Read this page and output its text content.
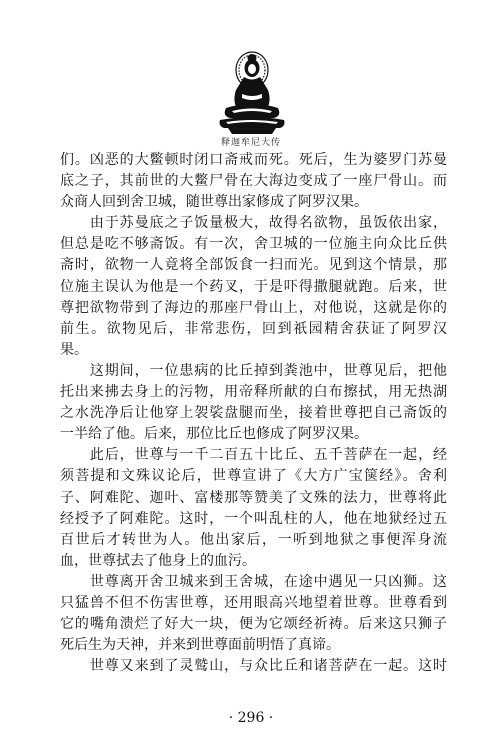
释迦牟尼大传
们。凶恶的大鳖顿时闭口斋戒而死。死后，生为婆罗门苏曼
底之子，其前世的大鳖尸骨在大海边变成了一座尸骨山。而
众商人回到舍卫城，随世尊出家修成了阿罗汉果。
　　由于苏曼底之子饭量极大，故得名欲物，虽饭依出家，
但总是吃不够斋饭。有一次，舍卫城的一位施主向众比丘供
斋时，欲物一人竟将全部饭食一扫而光。见到这个情景，那
位施主误认为他是一个药叉，于是吓得撒腿就跑。后来，世
尊把欲物带到了海边的那座尸骨山上，对他说，这就是你的
前生。欲物见后，非常悲伤，回到祇园精舍获证了阿罗汉
果。
　　这期间，一位患病的比丘掉到粪池中，世尊见后，把他
托出来拂去身上的污物，用帝释所献的白布擦拭，用无热湖
之水洗净后让他穿上袈裟盘腿而坐，接着世尊把自己斋饭的
一半给了他。后来，那位比丘也修成了阿罗汉果。
　　此后，世尊与一千二百五十比丘、五千菩萨在一起，经
须菩提和文殊议论后，世尊宣讲了《大方广宝箧经》。舍利
子、阿难陀、迦叶、富楼那等赞美了文殊的法力，世尊将此
经授予了阿难陀。这时，一个叫乱柱的人，他在地狱经过五
百世后才转世为人。他出家后，一听到地狱之事便浑身流
血，世尊拭去了他身上的血污。
　　世尊离开舍卫城来到王舍城，在途中遇见一只凶狮。这
只猛兽不但不伤害世尊，还用眼高兴地望着世尊。世尊看到
它的嘴角溃烂了好大一块，便为它颂经祈祷。后来这只狮子
死后生为天神，并来到世尊面前明悟了真谛。
　　世尊又来到了灵鹫山，与众比丘和诸菩萨在一起。这时
· 296 ·
